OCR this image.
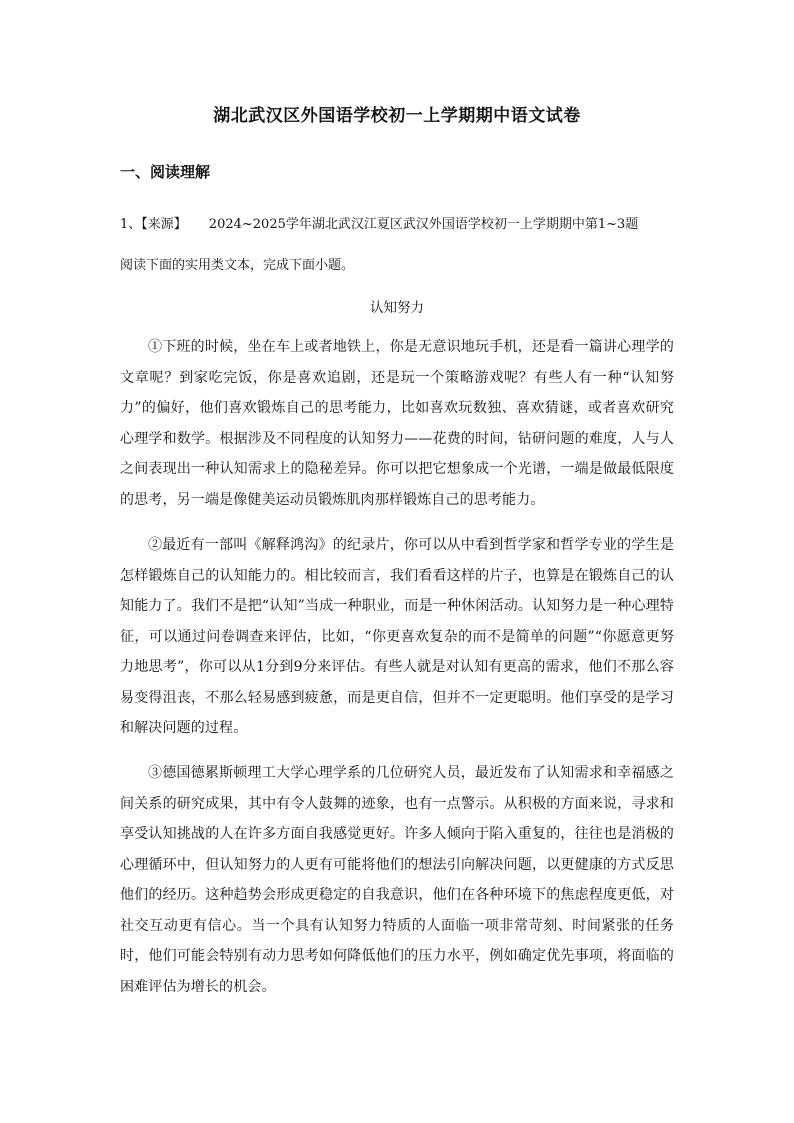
湖北武汉区外国语学校初一上学期期中语文试卷
一、阅读理解
1、【来源】 2024~2025学年湖北武汉江夏区武汉外国语学校初一上学期期中第1~3题
阅读下面的实用类文本，完成下面小题。
认知努力

①下班的时候，坐在车上或者地铁上，你是无意识地玩手机，还是看一篇讲心理学的文章呢？到家吃完饭，你是喜欢追剧，还是玩一个策略游戏呢？有些人有一种“认知努力”的偏好，他们喜欢锻炼自己的思考能力，比如喜欢玩数独、喜欢猜谜，或者喜欢研究心理学和数学。根据涉及不同程度的认知努力——花费的时间，钻研问题的难度，人与人之间表现出一种认知需求上的隐秘差异。你可以把它想象成一个光谱，一端是做最低限度的思考，另一端是像健美运动员锻炼肌肉那样锻炼自己的思考能力。

②最近有一部叫《解释鸿沟》的纪录片，你可以从中看到哲学家和哲学专业的学生是怎样锻炼自己的认知能力的。相比较而言，我们看看这样的片子，也算是在锻炼自己的认知能力了。我们不是把“认知”当成一种职业，而是一种休闲活动。认知努力是一种心理特征，可以通过问卷调查来评估，比如，“你更喜欢复杂的而不是简单的问题”“你愿意更努力地思考”，你可以从1分到9分来评估。有些人就是对认知有更高的需求，他们不那么容易变得沮丧，不那么轻易感到疲惫，而是更自信，但并不一定更聪明。他们享受的是学习和解决问题的过程。

③德国德累斯顿理工大学心理学系的几位研究人员，最近发布了认知需求和幸福感之间关系的研究成果，其中有令人鼓舞的迹象，也有一点警示。从积极的方面来说，寻求和享受认知挑战的人在许多方面自我感觉更好。许多人倾向于陷入重复的，往往也是消极的心理循环中，但认知努力的人更有可能将他们的想法引向解决问题，以更健康的方式反思他们的经历。这种趋势会形成更稳定的自我意识，他们在各种环境下的焦虑程度更低，对社交互动更有信心。当一个具有认知努力特质的人面临一项非常苛刻、时间紧张的任务时，他们可能会特别有动力思考如何降低他们的压力水平，例如确定优先事项，将面临的困难评估为增长的机会。
